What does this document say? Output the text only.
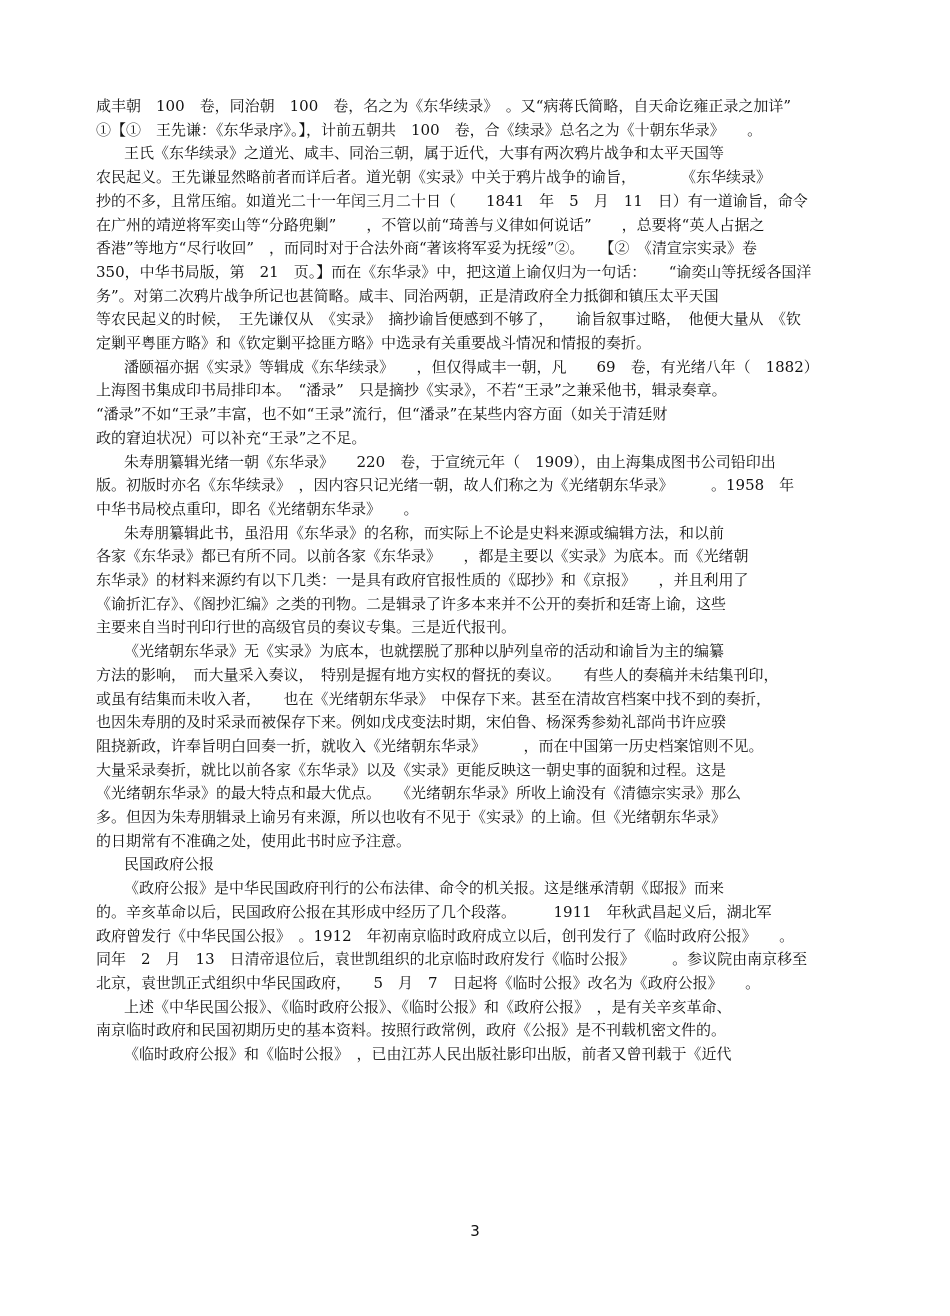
咸丰朝　100　卷，同治朝　100　卷，名之为《东华续录》　。又“病蒋氏简略，自天命讫雍正录之加详”
①【①　王先谦：《东华录序》。】，计前五朝共　100　卷，合《续录》总名之为《十朝东华录》　　。
王氏《东华续录》之道光、咸丰、同治三朝，属于近代，大事有两次鸦片战争和太平天国等
农民起义。王先谦显然略前者而详后者。道光朝《实录》中关于鸦片战争的谕旨，　　　　《东华续录》
抄的不多，且常压缩。如道光二十一年闰三月二十日（　　1841　年　5　月　11　日）有一道谕旨，命令
在广州的靖逆将军奕山等“分路兜剿”　　，不管以前“琦善与义律如何说话”　　，总要将“英人占据之
香港”等地方“尽行收回”　，而同时对于合法外商“著该将军妥为抚绥”②。　　【②　《清宣宗实录》卷
350，中华书局版，第　21　页。】而在《东华录》中，把这道上谕仅归为一句话：　　“谕奕山等抚绥各国洋
务”。对第二次鸦片战争所记也甚简略。咸丰、同治两朝，正是清政府全力抵御和镇压太平天国
等农民起义的时候，　王先谦仅从　《实录》　摘抄谕旨便感到不够了，　　谕旨叙事过略，　他便大量从　《钦
定剿平粤匪方略》和《钦定剿平捻匪方略》中选录有关重要战斗情况和情报的奏折。
潘颐福亦据《实录》等辑成《东华续录》　　，但仅得咸丰一朝，凡　　69　卷，有光绪八年（　1882）
上海图书集成印书局排印本。　“潘录”　只是摘抄《实录》，不若“王录”之兼采他书，辑录奏章。
“潘录”不如“王录”丰富，也不如“王录”流行，但“潘录”在某些内容方面（如关于清廷财
政的窘迫状况）可以补充“王录”之不足。
朱寿朋纂辑光绪一朝《东华录》　　220　卷，于宣统元年（　1909），由上海集成图书公司铅印出
版。初版时亦名《东华续录》　，因内容只记光绪一朝，故人们称之为《光绪朝东华录》　　　。1958　年
中华书局校点重印，即名《光绪朝东华录》　　。
朱寿朋纂辑此书，虽沿用《东华录》的名称，而实际上不论是史料来源或编辑方法，和以前
各家《东华录》都已有所不同。以前各家《东华录》　　，都是主要以《实录》为底本。而《光绪朝
东华录》的材料来源约有以下几类：一是具有政府官报性质的《邸抄》和《京报》　　，并且利用了
《谕折汇存》、《阁抄汇编》之类的刊物。二是辑录了许多本来并不公开的奏折和廷寄上谕，这些
主要来自当时刊印行世的高级官员的奏议专集。三是近代报刊。
《光绪朝东华录》无《实录》为底本，也就摆脱了那种以胪列皇帝的活动和谕旨为主的编纂
方法的影响，　而大量采入奏议，　特别是握有地方实权的督抚的奏议。　　有些人的奏稿并未结集刊印，
或虽有结集而未收入者，　　也在《光绪朝东华录》　中保存下来。甚至在清故宫档案中找不到的奏折，
也因朱寿朋的及时采录而被保存下来。例如戊戌变法时期，宋伯鲁、杨深秀参劾礼部尚书许应骙
阻挠新政，许奉旨明白回奏一折，就收入《光绪朝东华录》　　　，而在中国第一历史档案馆则不见。
大量采录奏折，就比以前各家《东华录》以及《实录》更能反映这一朝史事的面貌和过程。这是
《光绪朝东华录》的最大特点和最大优点。　　《光绪朝东华录》所收上谕没有《清德宗实录》那么
多。但因为朱寿朋辑录上谕另有来源，所以也收有不见于《实录》的上谕。但《光绪朝东华录》
的日期常有不准确之处，使用此书时应予注意。
民国政府公报
《政府公报》是中华民国政府刊行的公布法律、命令的机关报。这是继承清朝《邸报》而来
的。辛亥革命以后，民国政府公报在其形成中经历了几个段落。　　　1911　年秋武昌起义后，湖北军
政府曾发行《中华民国公报》　。1912　年初南京临时政府成立以后，创刊发行了《临时政府公报》　　。
同年　2　月　13　日清帝退位后，袁世凯组织的北京临时政府发行《临时公报》　　　。参议院由南京移至
北京，袁世凯正式组织中华民国政府，　　5　月　7　日起将《临时公报》改名为《政府公报》　　。
上述《中华民国公报》、《临时政府公报》、《临时公报》和《政府公报》　，是有关辛亥革命、
南京临时政府和民国初期历史的基本资料。按照行政常例，政府《公报》是不刊载机密文件的。
《临时政府公报》和《临时公报》　，已由江苏人民出版社影印出版，前者又曾刊载于《近代
3
